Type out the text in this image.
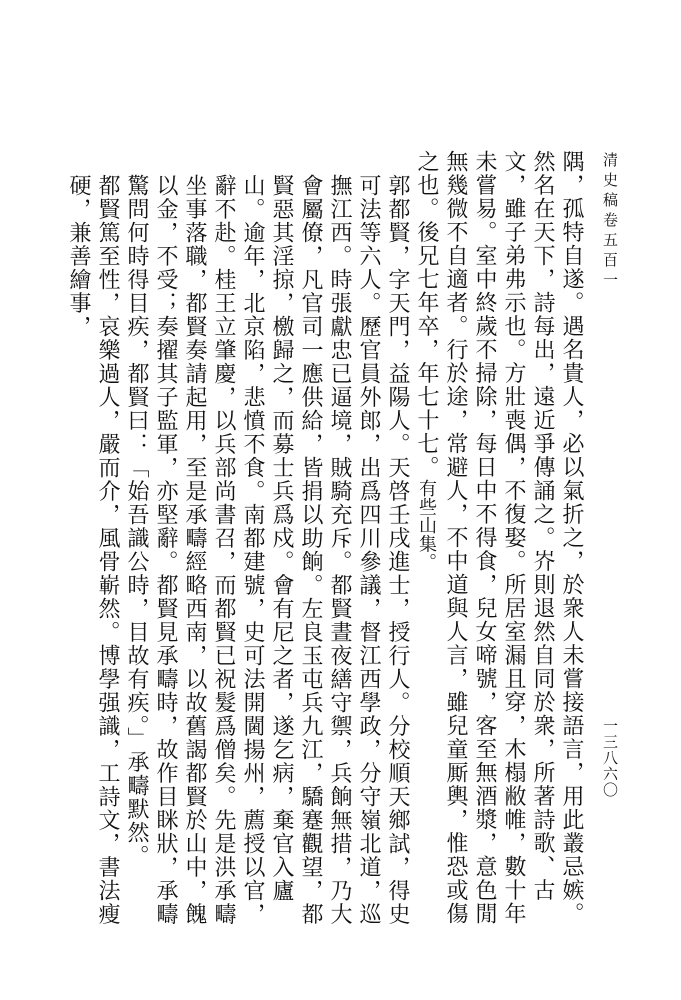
清史稿卷五百一
一三八六〇

隅，孤特自遂。遇名貴人，必以氣折之，於衆人未嘗接語言，用此叢忌嫉。然名在天下，詩每出，遠近爭傳誦之。岕則退然自同於衆，所著詩歌、古文，雖子弟弗示也。方壯喪偶，不復娶。所居室漏且穿，木榻敝帷，數十年未嘗易。室中終歲不掃除，每日中不得食，兒女啼號，客至無酒漿，意色閒無幾微不自適者。行於途，常避人，不中道與人言，雖兒童厮輿，惟恐或傷之也。後兄七年卒，年七十七。有些山集。

郭都賢，字天門，益陽人。天啓壬戌進士，授行人。分校順天鄉試，得史可法等六人。歷官員外郎，出爲四川參議，督江西學政，分守嶺北道，巡撫江西。時張獻忠已逼境，賊騎充斥。都賢晝夜繕守禦，兵餉無措，乃大會屬僚，凡官司一應供給，皆捐以助餉。左良玉屯兵九江，驕蹇觀望，都賢惡其淫掠，檄歸之，而募士兵爲戍。會有尼之者，遂乞病，棄官入廬山。逾年，北京陷，悲憤不食。南都建號，史可法開閫揚州，薦授以官，辭不赴。桂王立肇慶，以兵部尚書召，而都賢已祝髮爲僧矣。先是洪承疇坐事落職，都賢奏請起用，至是承疇經略西南，以故舊謁都賢於山中，餽以金，不受；奏擢其子監軍，亦堅辭。都賢見承疇時，故作目眯狀，承疇驚問何時得目疾，都賢曰：「始吾識公時，目故有疾。」承疇默然。

都賢篤至性，哀樂過人，嚴而介，風骨嶄然。博學强識，工詩文，書法瘦硬，兼善繪事，
